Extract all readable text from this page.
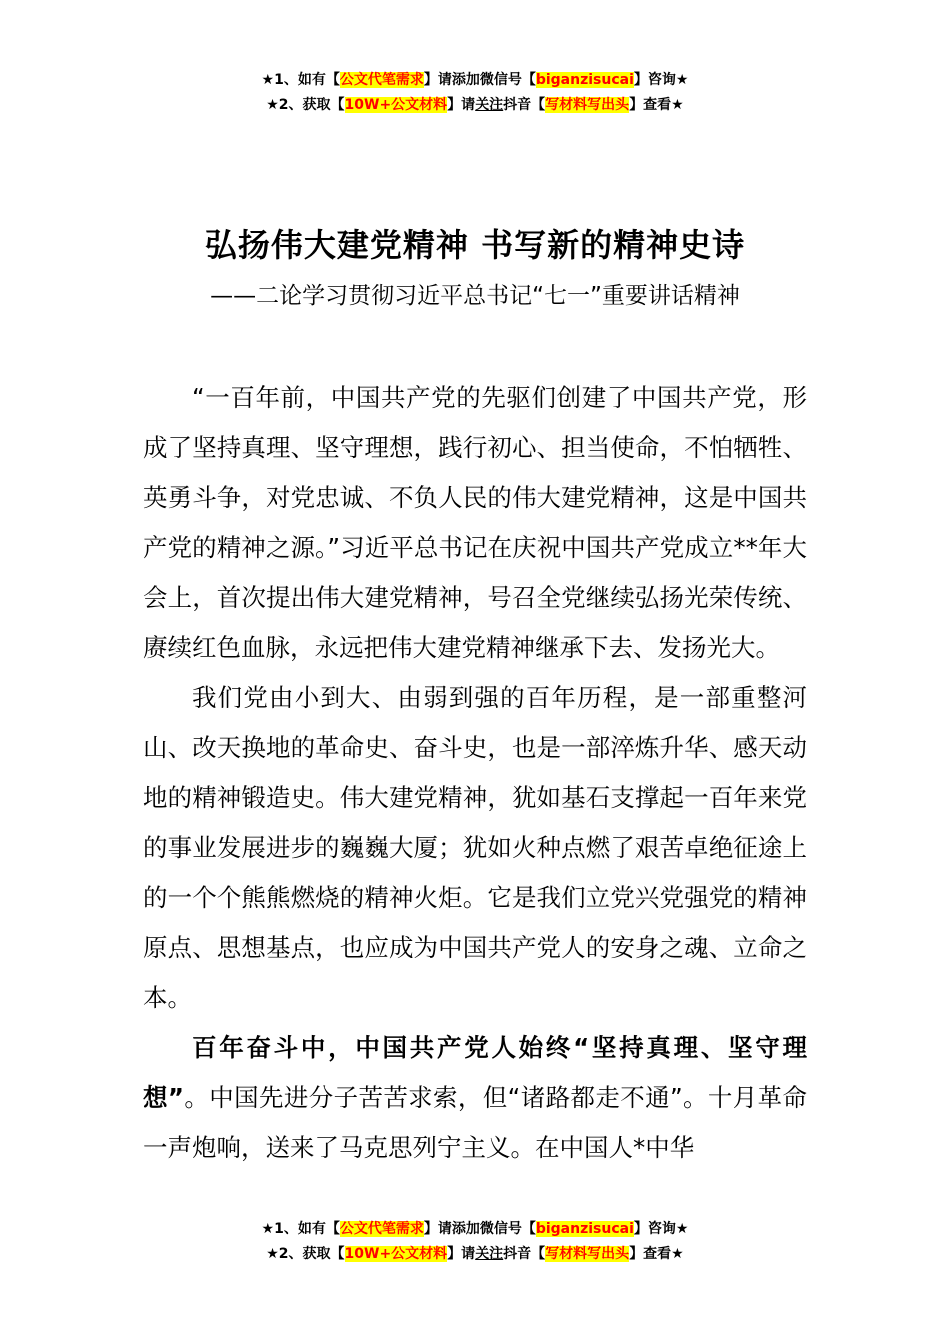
★1、如有【公文代笔需求】请添加微信号【biganzisucai】咨询★
★2、获取【10W+公文材料】请关注抖音【写材料写出头】查看★
弘扬伟大建党精神 书写新的精神史诗
——二论学习贯彻习近平总书记“七一”重要讲话精神

“一百年前，中国共产党的先驱们创建了中国共产党，形成了坚持真理、坚守理想，践行初心、担当使命，不怕牺牲、英勇斗争，对党忠诚、不负人民的伟大建党精神，这是中国共产党的精神之源。”习近平总书记在庆祝中国共产党成立**年大会上，首次提出伟大建党精神，号召全党继续弘扬光荣传统、赓续红色血脉，永远把伟大建党精神继承下去、发扬光大。

我们党由小到大、由弱到强的百年历程，是一部重整河山、改天换地的革命史、奋斗史，也是一部淬炼升华、感天动地的精神锻造史。伟大建党精神，犹如基石支撑起一百年来党的事业发展进步的巍巍大厦；犹如火种点燃了艰苦卓绝征途上的一个个熊熊燃烧的精神火炬。它是我们立党兴党强党的精神原点、思想基点，也应成为中国共产党人的安身之魂、立命之本。

百年奋斗中，中国共产党人始终“坚持真理、坚守理想”。中国先进分子苦苦求索，但“诸路都走不通”。十月革命一声炮响，送来了马克思列宁主义。在中国人*中华

★1、如有【公文代笔需求】请添加微信号【biganzisucai】咨询★
★2、获取【10W+公文材料】请关注抖音【写材料写出头】查看★
